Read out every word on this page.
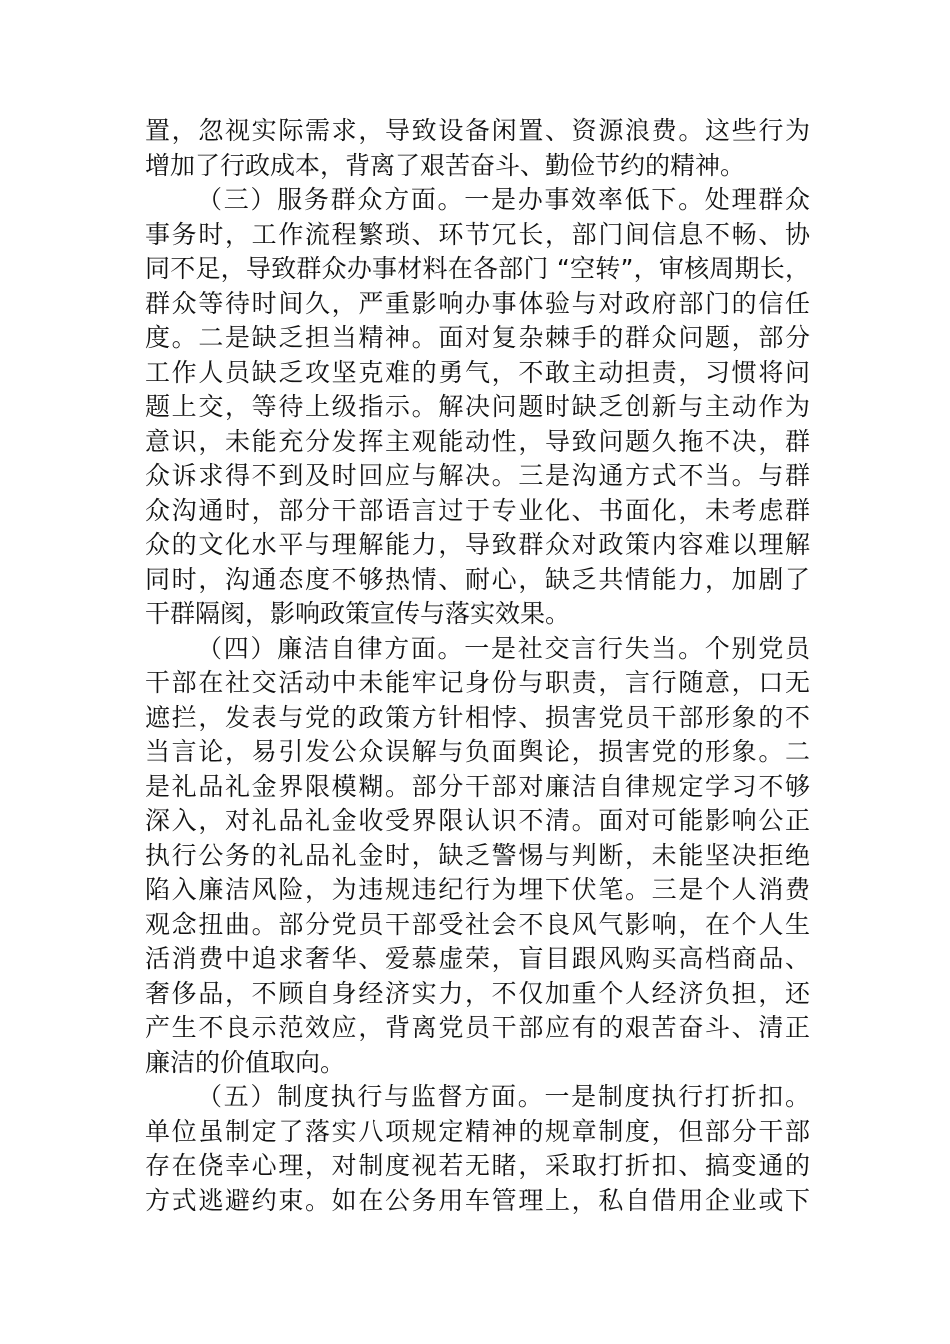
置，忽视实际需求，导致设备闲置、资源浪费。这些行为
增加了行政成本，背离了艰苦奋斗、勤俭节约的精神。
（三）服务群众方面。一是办事效率低下。处理群众
事务时，工作流程繁琐、环节冗长，部门间信息不畅、协
同不足，导致群众办事材料在各部门 “空转”，审核周期长，
群众等待时间久，严重影响办事体验与对政府部门的信任
度。二是缺乏担当精神。面对复杂棘手的群众问题，部分
工作人员缺乏攻坚克难的勇气，不敢主动担责，习惯将问
题上交，等待上级指示。解决问题时缺乏创新与主动作为
意识，未能充分发挥主观能动性，导致问题久拖不决，群
众诉求得不到及时回应与解决。三是沟通方式不当。与群
众沟通时，部分干部语言过于专业化、书面化，未考虑群
众的文化水平与理解能力，导致群众对政策内容难以理解
同时，沟通态度不够热情、耐心，缺乏共情能力，加剧了
干群隔阂，影响政策宣传与落实效果。
（四）廉洁自律方面。一是社交言行失当。个别党员
干部在社交活动中未能牢记身份与职责，言行随意，口无
遮拦，发表与党的政策方针相悖、损害党员干部形象的不
当言论，易引发公众误解与负面舆论，损害党的形象。二
是礼品礼金界限模糊。部分干部对廉洁自律规定学习不够
深入，对礼品礼金收受界限认识不清。面对可能影响公正
执行公务的礼品礼金时，缺乏警惕与判断，未能坚决拒绝
陷入廉洁风险，为违规违纪行为埋下伏笔。三是个人消费
观念扭曲。部分党员干部受社会不良风气影响，在个人生
活消费中追求奢华、爱慕虚荣，盲目跟风购买高档商品、
奢侈品，不顾自身经济实力，不仅加重个人经济负担，还
产生不良示范效应，背离党员干部应有的艰苦奋斗、清正
廉洁的价值取向。
（五）制度执行与监督方面。一是制度执行打折扣。
单位虽制定了落实八项规定精神的规章制度，但部分干部
存在侥幸心理，对制度视若无睹，采取打折扣、搞变通的
方式逃避约束。如在公务用车管理上，私自借用企业或下
